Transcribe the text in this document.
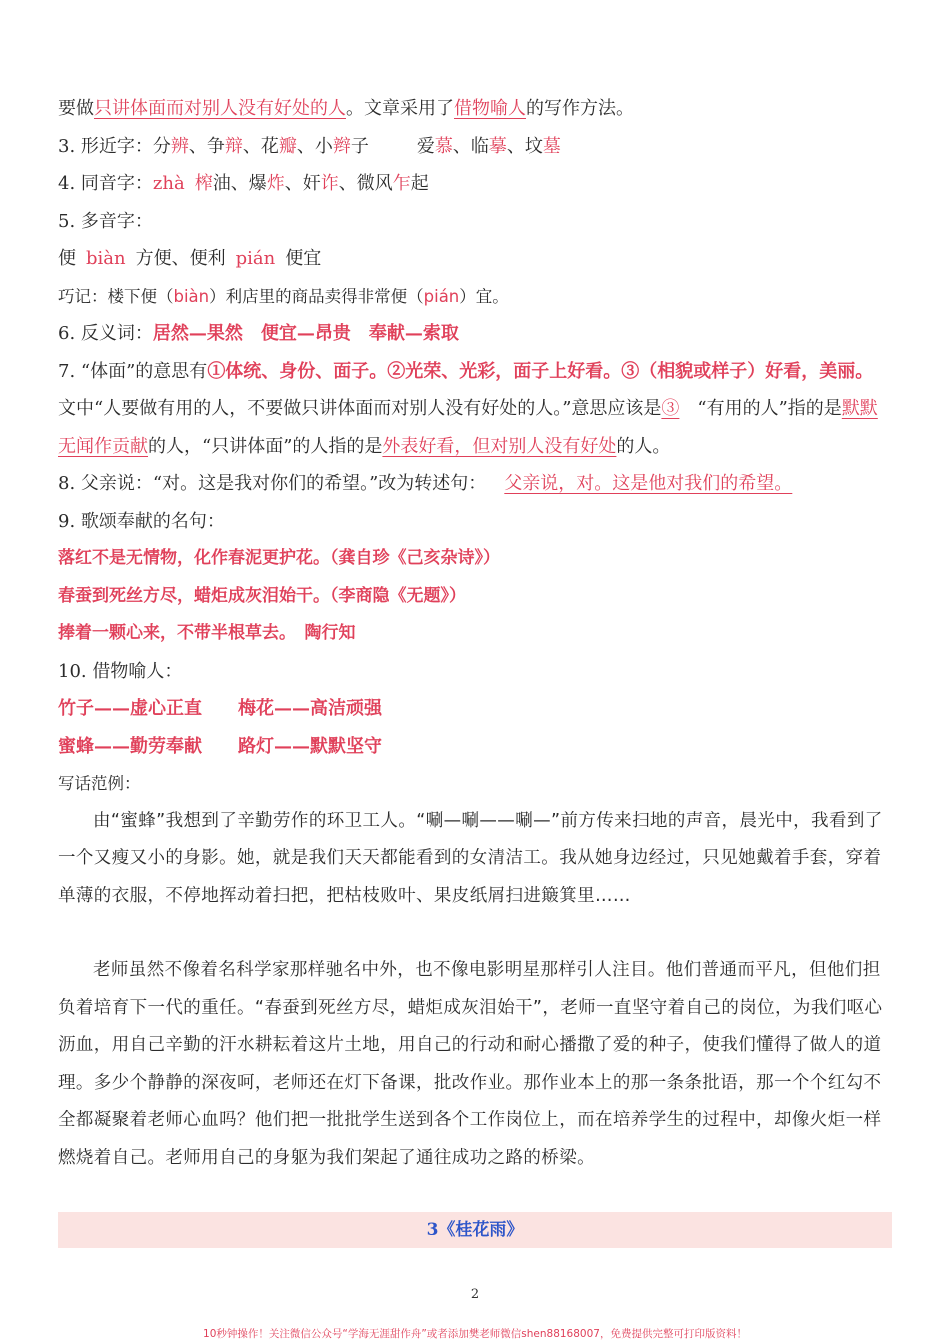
要做只讲体面而对别人没有好处的人。文章采用了借物喻人的写作方法。
3. 形近字：分辨、争辩、花瓣、小辫子	爱慕、临摹、坟墓
4. 同音字：zhà 榨油、爆炸、奸诈、微风乍起
5. 多音字：
便 biàn 方便、便利 pián 便宜
巧记：楼下便（biàn）利店里的商品卖得非常便（pián）宜。
6. 反义词：居然—果然 便宜—昂贵 奉献—索取
7. “体面”的意思有①体统、身份、面子。②光荣、光彩，面子上好看。③（相貌或样子）好看，美丽。
文中“人要做有用的人，不要做只讲体面而对别人没有好处的人。”意思应该是③ “有用的人”指的是默默无闻作贡献的人，“只讲体面”的人指的是外表好看，但对别人没有好处的人。
8. 父亲说：“对。这是我对你们的希望。”改为转述句： 父亲说，对。这是他对我们的希望。
9. 歌颂奉献的名句：
落红不是无情物，化作春泥更护花。（龚自珍《己亥杂诗》）
春蚕到死丝方尽，蜡炬成灰泪始干。（李商隐《无题》）
捧着一颗心来，不带半根草去。　陶行知
10. 借物喻人：
竹子——虚心正直 梅花——高洁顽强
蜜蜂——勤劳奉献 路灯——默默坚守
写话范例：
由“蜜蜂”我想到了辛勤劳作的环卫工人。“唰—唰——唰—”前方传来扫地的声音，晨光中，我看到了一个又瘦又小的身影。她，就是我们天天都能看到的女清洁工。我从她身边经过，只见她戴着手套，穿着单薄的衣服，不停地挥动着扫把，把枯枝败叶、果皮纸屑扫进簸箕里……
老师虽然不像着名科学家那样驰名中外，也不像电影明星那样引人注目。他们普通而平凡，但他们担负着培育下一代的重任。“春蚕到死丝方尽，蜡炬成灰泪始干”，老师一直坚守着自己的岗位，为我们呕心沥血，用自己辛勤的汗水耕耘着这片土地，用自己的行动和耐心播撒了爱的种子，使我们懂得了做人的道理。多少个静静的深夜呵，老师还在灯下备课，批改作业。那作业本上的那一条条批语，那一个个红勾不全都凝聚着老师心血吗？他们把一批批学生送到各个工作岗位上，而在培养学生的过程中，却像火炬一样燃烧着自己。老师用自己的身躯为我们架起了通往成功之路的桥梁。
3《桂花雨》
2
10秒钟操作！关注微信公众号“学海无涯甜作舟”或者添加樊老师微信shen88168007，免费提供完整可打印版资料！
